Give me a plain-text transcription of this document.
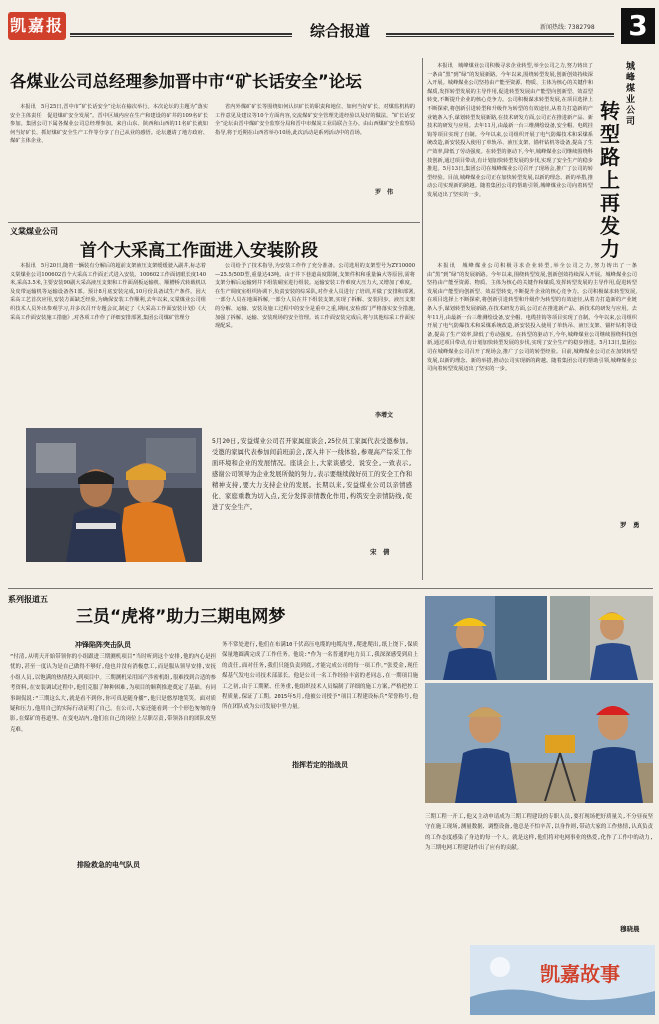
凯嘉报	综合报道	新闻热线: 7382798 3
各煤业公司总经理参加晋中市“矿长话安全”论坛

本报讯　5月25日,晋中市“矿长话安全”论坛在榆次举行。本次论坛的主题为“落实安全主体责任　促进煤矿安全发展”。晋中区域内应在生产和建设的矿井的109名矿长参加。集团公司下属各煤业公司总经理参加。来自山东、陕西和山西的11名矿长就如何当好矿长、抓好煤矿安全生产工作等分享了自己从业的感悟。论坛邀请了地方政府、煤矿主体企业、

省内外煤矿矿长等围绕如何认识矿长的职责和地位、如何当好矿长、对煤监机构的工作意见及建议等10个方面内容,交流煤矿安全管理先进经验以及好的做法。“矿长话安全”论坛由晋中煤矿安全监察分局和晋中市煤炭工业局联合主办。由山西煤矿安全监察局指导,将于近期在山西省举办10场,此次活动是系列活动中的首场。

罗　伟
义棠煤业公司
首个大采高工作面进入安装阶段

本报讯　5月20日,随着一辆装有分解后的超前支架液压支架缓缓驶入副井,标志着义棠煤业公司100602首个大采高工作面正式进入安装。100602工作面切眼长度140米,采高3.5米,主要安装90副大采高液压支架和工作面刮板运输机、顺槽桥式转载机以及皮带运输机等运输设备各1部。预计8月底安装完成,10月份具备试生产条件。因大采高工艺首次应用,安装方面缺乏经验,为确保安装工作顺利,去年以来,义棠煤业公司组织技术人员外出参观学习,并多次召开专题会议,制定了《大采高工作面安装计划》《大采高工作面安装施工措施》,对各项工作作了详细安排部署,集团公司煤矿管理分

公司给予了技术指导,为安装工作作了充分准备。公司选用的支架型号为ZY10000—25.5/50D型,重量达43吨。由于井下巷道高度限制,支架件积和重量偏大等原因,需将支架分解后运输到井下组装硐室进行组装。运输安装工作难度大压力大,又增加了难度。在生产调度室组织协调下,负责安装的综采队,对作业人员进行了培训,并做了安排和部署,一部分人员在地面拆解,一部分人员在井下组装支架,实现了拆解、安装同步。液压支架的分解、运输、安装及施工过程中的安全是重中之重,期间,安检部门严格落实安全措施,加强了拆解、运输、安装现场的安全管理。该工作面安装完成后,将与其他综采工作面实现配采。

李增文
5月20日,安益煤业公司召开家属座谈会,25位员工家属代表受邀参加。受邀的家属代表参加间前班前会,深入井下一线体验,参观高产综采工作面环境和企业的发展情况。座谈会上,大家谈感受、说安全,一致表示,感谢公司领导为企业发展所做的努力,表示要继续做好员工的安全工作和精神支持,要大力支持企业的发展。长期以来,安益煤业公司以亲情感化、家庭重教为切入点,充分发挥亲情教化作用,构筑安全亲情防线,促进了安全生产。
宋　倩
城峰煤业公司
转型路上再发力

本报讯　城峰煤业公司积极寻求企业转型,举全公司之力,努力铸出了一条由“黑”到“绿”的发展新路。今年以来,围绕转型发展,创新创效持续深入开展。城峰煤业公司坚持由产能至资源、物质、主体为核心的关键作和煤质,发挥转型发展的主导作用,促进转型发展由产能型向创新型、效益型转变,不断提升企业的核心竞争力。公司积极谋求转型发展,在项目选择上不断探索,将创新引进转型和升级作为转型的有效途径,从着力打造新的产业链条入手,谋划转型发展新路,在技术研发方面,公司正在推进新产品、新技术的研发与应用。去年11月,由最新一台三维测绘设备,安全帽、电缆挂钩等项目实现了自制。今年以来,公司组织开展了电气防爆技术和采煤系统改造,新安装投入使用了单轨吊、液压支架、锚杆钻机等设备,提高了生产效率,降低了劳动强度。在转型的驱动下,今年,城峰煤业公司继续围绕科技创新,通过项目带动,有计划加快转型发展的步伐,实现了安全生产的稳步推进。5月13日,集团公司在城峰煤业公司召开了现场会,推广了公司的转型经验。目前,城峰煤业公司正在加快转型发展,以新的理念、新的举措,推动公司实现新的跨越。随着集团公司的帮助引领,城峰煤业公司向着转型发展迈出了坚实的一步。

本报讯　城峰煤业公司积极寻求企业转型,举全公司之力,努力铸出了一条由“黑”到“绿”的发展新路。今年以来,围绕转型发展,创新创效持续深入开展。城峰煤业公司坚持由产能至资源、物质、主体为核心的关键作和煤质,发挥转型发展的主导作用,促进转型发展由产能型向创新型、效益型转变,不断提升企业的核心竞争力。公司积极谋求转型发展,在项目选择上不断探索,将创新引进转型和升级作为转型的有效途径,从着力打造新的产业链条入手,谋划转型发展新路,在技术研发方面,公司正在推进新产品、新技术的研发与应用。去年11月,由最新一台三维测绘设备,安全帽、电缆挂钩等项目实现了自制。今年以来,公司组织开展了电气防爆技术和采煤系统改造,新安装投入使用了单轨吊、液压支架、锚杆钻机等设备,提高了生产效率,降低了劳动强度。在转型的驱动下,今年,城峰煤业公司继续围绕科技创新,通过项目带动,有计划加快转型发展的步伐,实现了安全生产的稳步推进。5月13日,集团公司在城峰煤业公司召开了现场会,推广了公司的转型经验。目前,城峰煤业公司正在加快转型发展,以新的理念、新的举措,推动公司实现新的跨越。随着集团公司的帮助引领,城峰煤业公司向着转型发展迈出了坚实的一步。

罗　勇
系列报道五
三员“虎将”助力三期电网梦
冲锋陷阵突击队员
“付清,从明天开始带领你的小组跟进三期测机项目”当时听到这个安排,他的内心是担忧的,甚至一度认为是自己做得不够好,他也并没有消极怠工,而是服从领导安排,安抚小组人员,以饱满的热情投入到项目中。三期测机采用国产涉密机组,很难找到合适的参考资料,在安装调试过程中,他们克服了种种困难,为项目的顺利推进奠定了基础。有同事调侃说:“三期这么大,就是看不到你,你可真是随身播”,他只是憨厚地笑笑。面对质疑和压力,他用自己的实际行动证明了自己。在公司,大家还能看到一个个形色匆匆的身影,在煤矿的巷道里、在变电站内,他们在自己的岗位上尽职尽责,带领各自的团队攻坚克难。
排险救急的电气队员
务不常处进行,他们在布满10千伏高压电缆的电缆沟里,爬进爬出,纸上饶下,保质保量地圆满完成了工作任务。他说:“作为一名普通的电力员工,我深深感受到肩上的责任,面对任务,我们只能负责到底,才能完成公司的每一项工作。”张爱金,现任煤基气发电公司技术部部长。他是公司一名工作经验丰富的老同志,在一期项目施工之初,由于工期紧、任务重,他组织技术人员编制了详细的施工方案,严格把控工程质量,保证了工期。2015年5月,他被公司授予“项目工程建设标兵”荣誉称号,他所在团队成为公司发展中坚力量。
指挥若定的指战员
三期工程一开工,他又主动申请成为三期工程建设的专职人员,要打现场把好质量关,不分昼夜坚守在施工现场,测量数据、调整设备,他总是不怕辛苦,以身作则,带动大家的工作热情,认真负责的工作态度感染了身边的每一个人。就是这样,他们将对电网事业的热爱,化作了工作中的动力,为三期电网工程建设作出了应有的贡献。
穆晓晨
凯嘉故事
